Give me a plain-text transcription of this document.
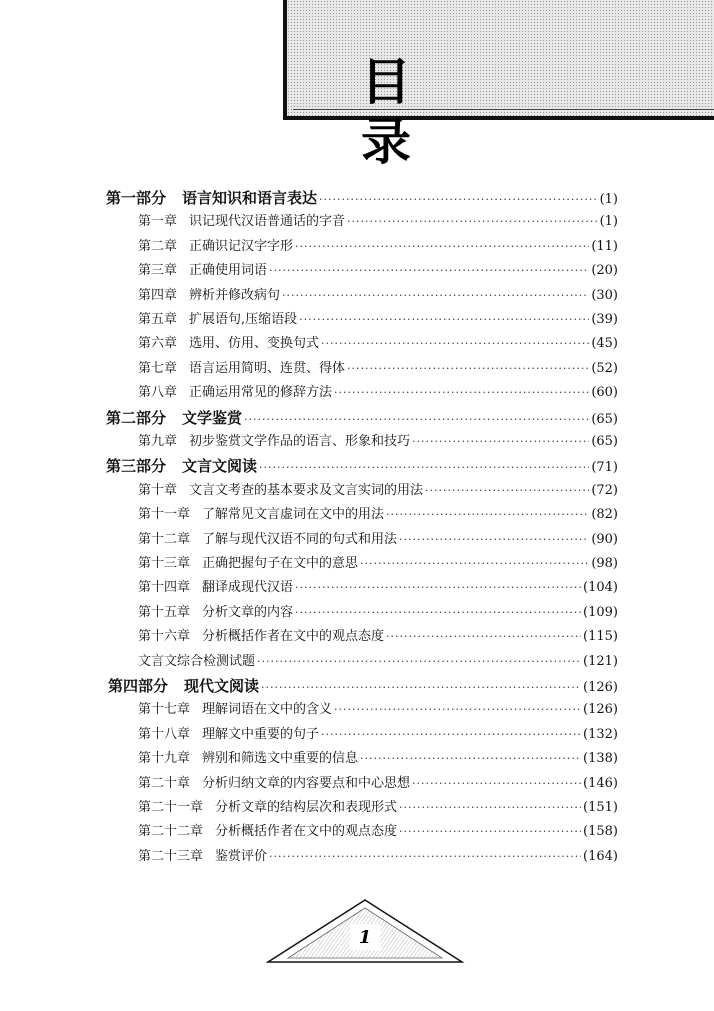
目　录
第一部分 语言知识和语言表达 ·····	(1)
第一章 识记现代汉语普通话的字音 ·····	(1)
第二章 正确识记汉字字形 ·····	(11)
第三章 正确使用词语 ·····	(20)
第四章 辨析并修改病句 ·····	(30)
第五章 扩展语句,压缩语段 ·····	(39)
第六章 选用、仿用、变换句式 ·····	(45)
第七章 语言运用简明、连贯、得体 ·····	(52)
第八章 正确运用常见的修辞方法 ·····	(60)
第二部分 文学鉴赏 ·····	(65)
第九章 初步鉴赏文学作品的语言、形象和技巧 ·····	(65)
第三部分 文言文阅读 ·····	(71)
第十章 文言文考查的基本要求及文言实词的用法 ·····	(72)
第十一章 了解常见文言虚词在文中的用法 ·····	(82)
第十二章 了解与现代汉语不同的句式和用法 ·····	(90)
第十三章 正确把握句子在文中的意思 ·····	(98)
第十四章 翻译成现代汉语 ·····	(104)
第十五章 分析文章的内容 ·····	(109)
第十六章 分析概括作者在文中的观点态度 ·····	(115)
文言文综合检测试题 ·····	(121)
第四部分 现代文阅读 ·····	(126)
第十七章 理解词语在文中的含义 ·····	(126)
第十八章 理解文中重要的句子 ·····	(132)
第十九章 辨别和筛选文中重要的信息 ·····	(138)
第二十章 分析归纳文章的内容要点和中心思想 ·····	(146)
第二十一章 分析文章的结构层次和表现形式 ·····	(151)
第二十二章 分析概括作者在文中的观点态度 ·····	(158)
第二十三章 鉴赏评价 ·····	(164)
1
